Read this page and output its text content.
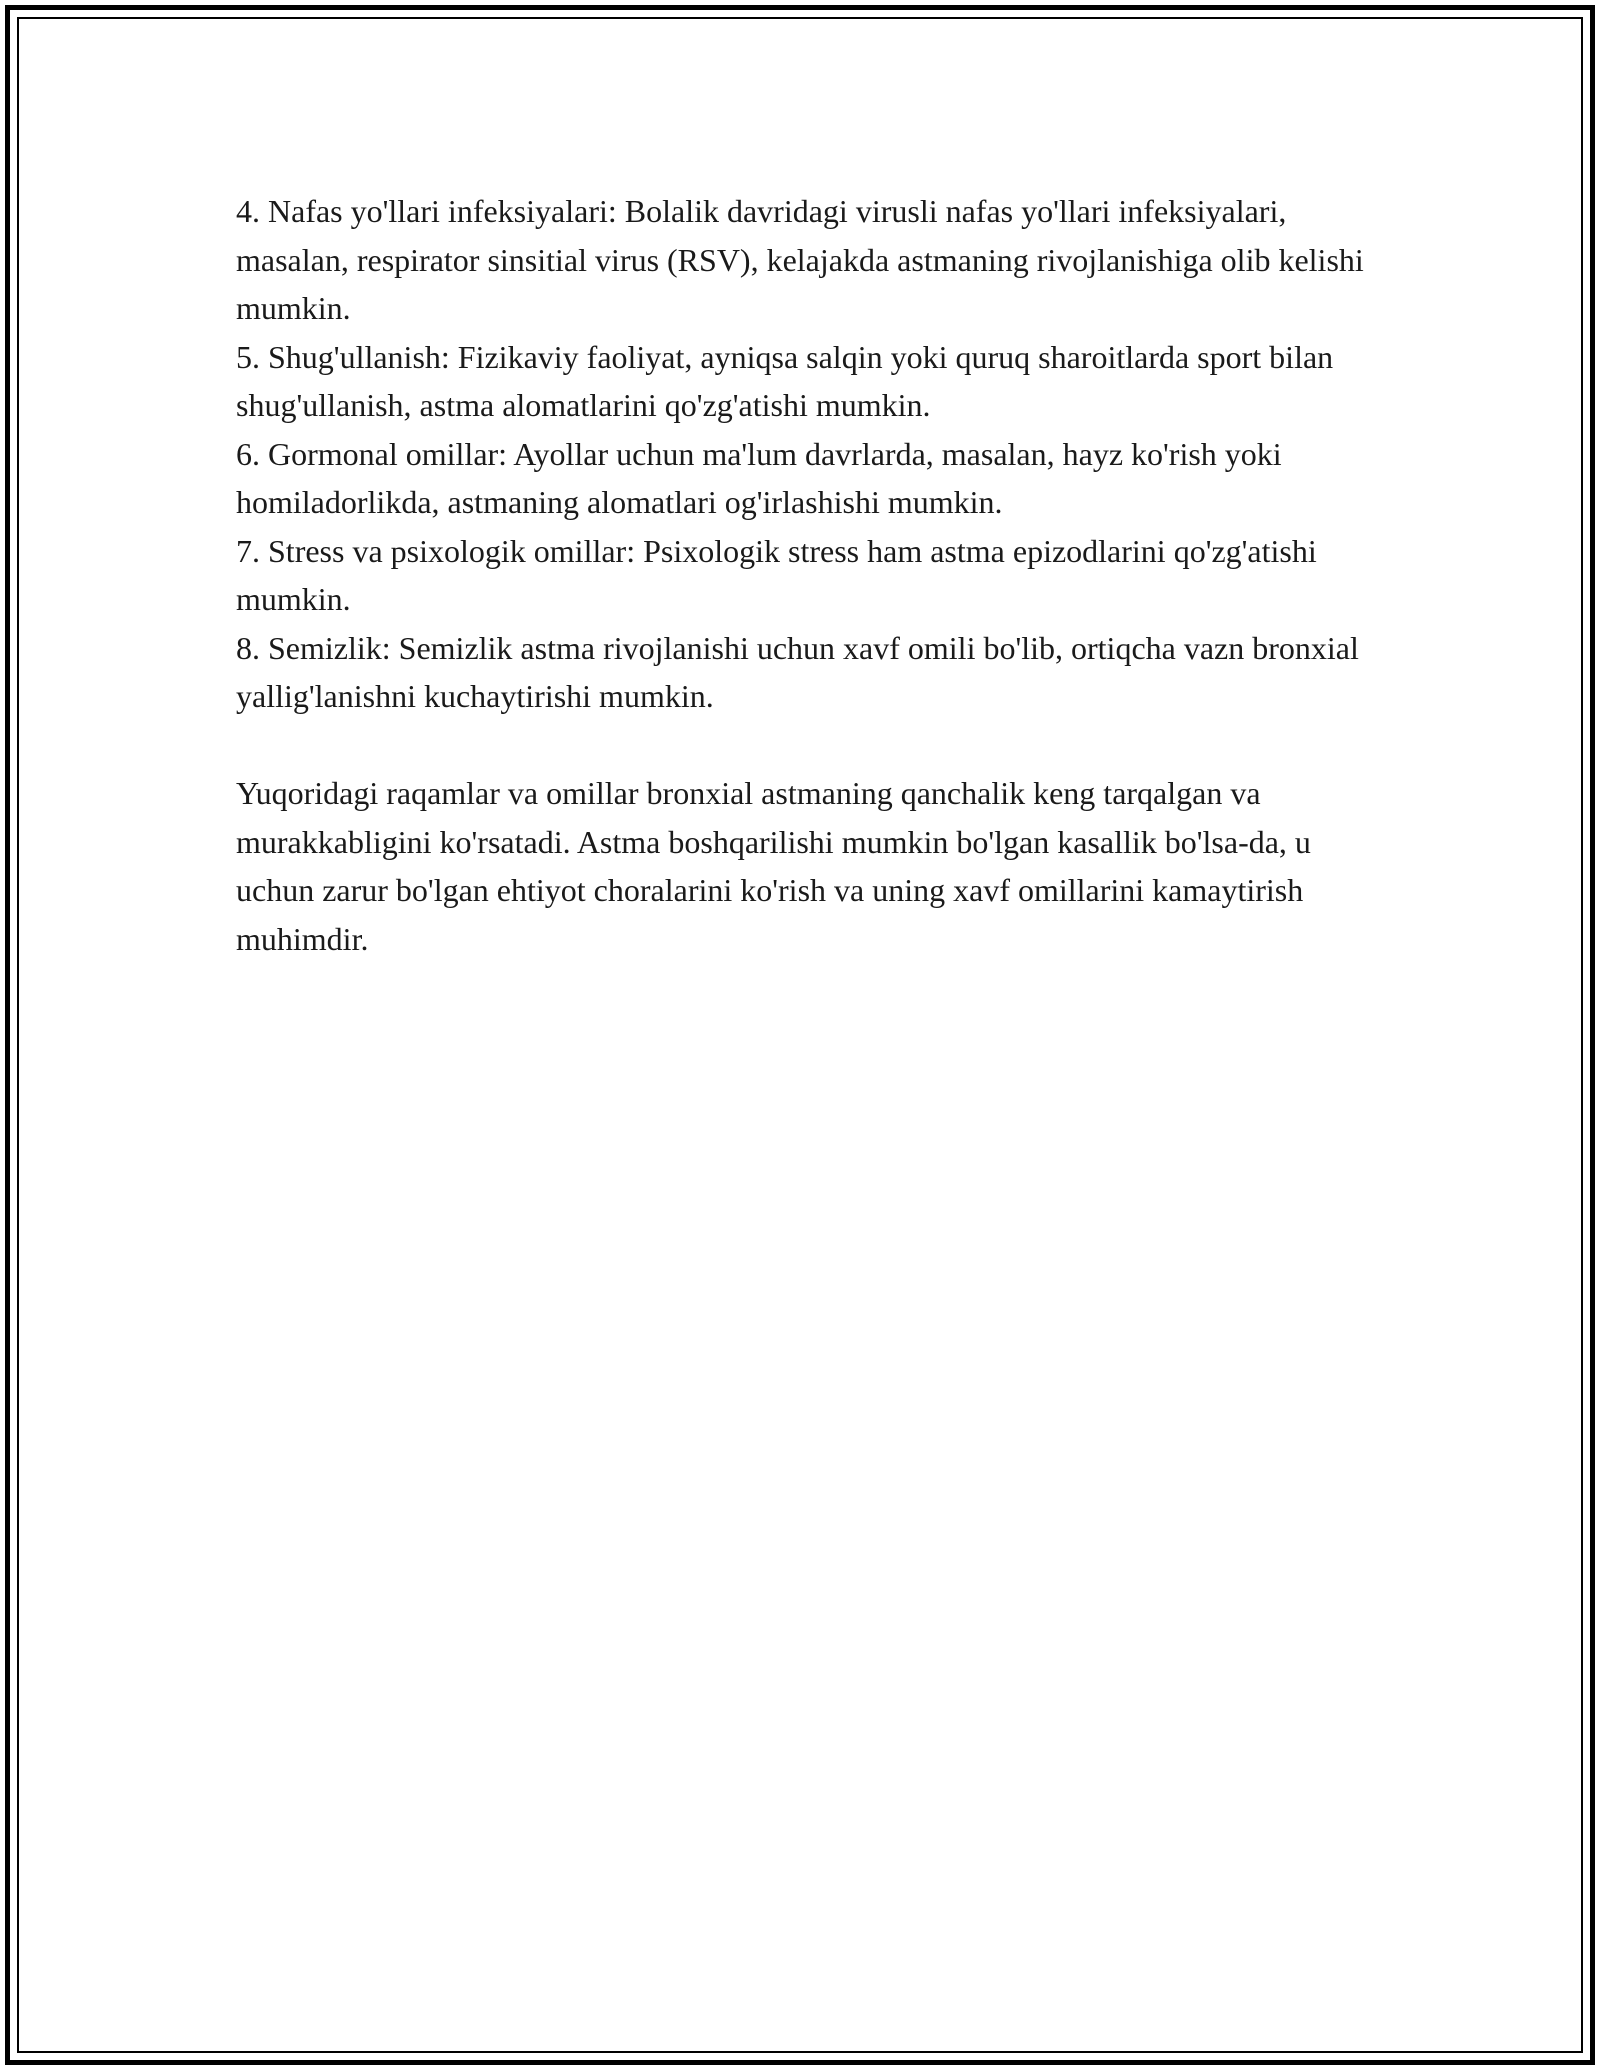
4. Nafas yo'llari infeksiyalari: Bolalik davridagi virusli nafas yo'llari infeksiyalari, masalan, respirator sinsitial virus (RSV), kelajakda astmaning rivojlanishiga olib kelishi mumkin.

5. Shug'ullanish: Fizikaviy faoliyat, ayniqsa salqin yoki quruq sharoitlarda sport bilan shug'ullanish, astma alomatlarini qo'zg'atishi mumkin.

6. Gormonal omillar: Ayollar uchun ma'lum davrlarda, masalan, hayz ko'rish yoki homiladorlikda, astmaning alomatlari og'irlashishi mumkin.

7. Stress va psixologik omillar: Psixologik stress ham astma epizodlarini qo'zg'atishi mumkin.

8. Semizlik: Semizlik astma rivojlanishi uchun xavf omili bo'lib, ortiqcha vazn bronxial yallig'lanishni kuchaytirishi mumkin.

Yuqoridagi raqamlar va omillar bronxial astmaning qanchalik keng tarqalgan va murakkabligini ko'rsatadi. Astma boshqarilishi mumkin bo'lgan kasallik bo'lsa-da, u uchun zarur bo'lgan ehtiyot choralarini ko'rish va uning xavf omillarini kamaytirish muhimdir.
